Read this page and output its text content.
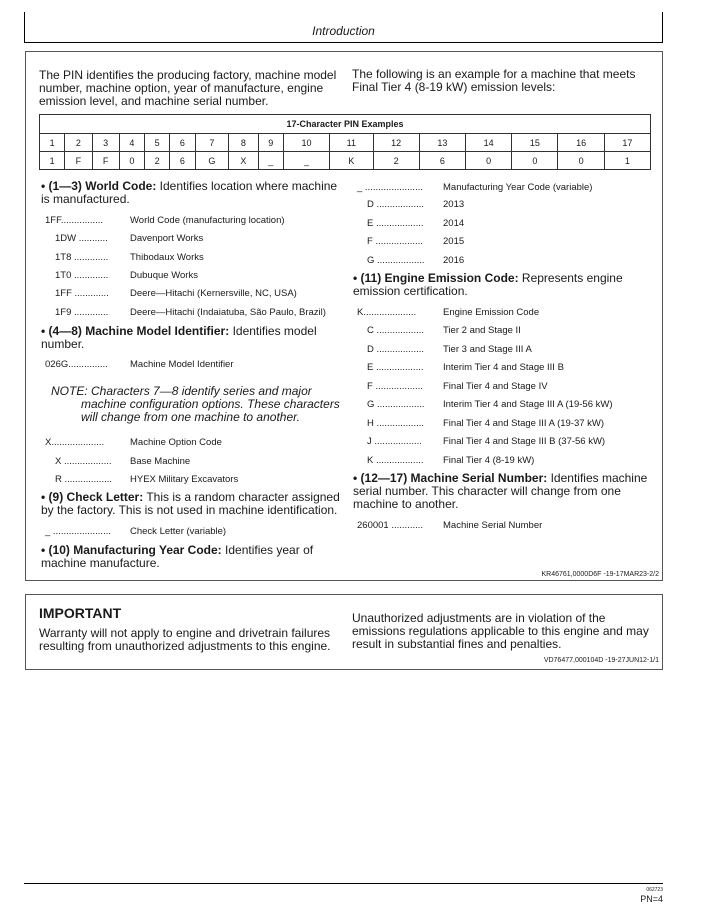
Introduction
The PIN identifies the producing factory, machine model number, machine option, year of manufacture, engine emission level, and machine serial number.
The following is an example for a machine that meets Final Tier 4 (8-19 kW) emission levels:
17-Character PIN Examples																
1	2	3	4	5	6	7	8	9	10	11	12	13	14	15	16	17
1	F	F	0	2	6	G	X	_	_	K	2	6	0	0	0	1
• (1—3) World Code: Identifies location where machine is manufactured.
1FF................	World Code (manufacturing location)
1DW ........... Davenport Works
1T8 ............. Thibodaux Works
1T0 ............. Dubuque Works
1FF ............. Deere—Hitachi (Kernersville, NC, USA)
1F9 ............. Deere—Hitachi (Indaiatuba, São Paulo, Brazil)
• (4—8) Machine Model Identifier: Identifies model number.
026G............... Machine Model Identifier
NOTE: Characters 7—8 identify series and major
machine configuration options. These characters
will change from one machine to another.
X....................	Machine Option Code
X .................. Base Machine
R .................. HYEX Military Excavators
• (9) Check Letter: This is a random character assigned by the factory. This is not used in machine identification.
_ ...................... Check Letter (variable)
• (10) Manufacturing Year Code: Identifies year of machine manufacture.
_ ...................... Manufacturing Year Code (variable)
D .................. 2013
E .................. 2014
F .................. 2015
G .................. 2016
• (11) Engine Emission Code: Represents engine emission certification.
K....................	Engine Emission Code
C .................. Tier 2 and Stage II
D .................. Tier 3 and Stage III A
E .................. Interim Tier 4 and Stage III B
F .................. Final Tier 4 and Stage IV
G .................. Interim Tier 4 and Stage III A (19-56 kW)
H .................. Final Tier 4 and Stage III A (19-37 kW)
J .................. Final Tier 4 and Stage III B (37-56 kW)
K .................. Final Tier 4 (8-19 kW)
• (12—17) Machine Serial Number: Identifies machine serial number. This character will change from one machine to another.
260001 ............ Machine Serial Number
KR46761,0000D6F -19-17MAR23-2/2
IMPORTANT
Warranty will not apply to engine and drivetrain failures resulting from unauthorized adjustments to this engine.
Unauthorized adjustments are in violation of the emissions regulations applicable to this engine and may result in substantial fines and penalties.
VD76477,000104D -19-27JUN12-1/1
062723
PN=4
